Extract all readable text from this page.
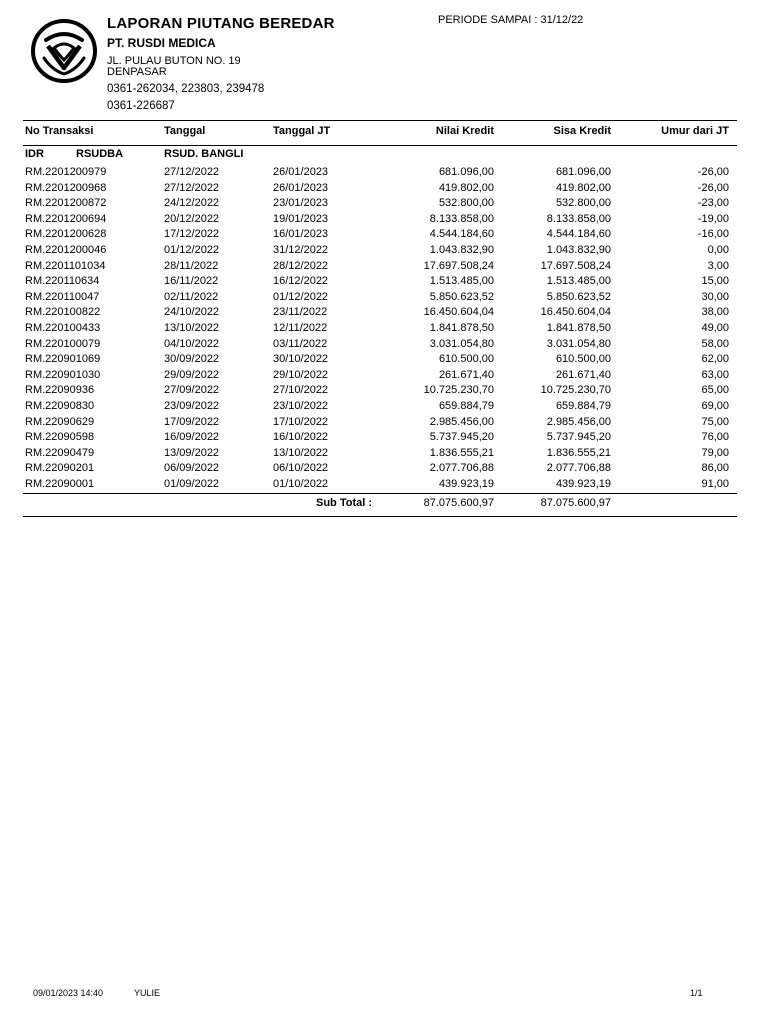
LAPORAN PIUTANG BEREDAR	PERIODE SAMPAI : 31/12/22
PT. RUSDI MEDICA
JL. PULAU BUTON NO. 19
DENPASAR
0361-262034, 223803, 239478
0361-226687
No Transaksi	Tanggal	Tanggal JT	Nilai Kredit	Sisa Kredit	Umur dari JT
IDR	RSUDBA	RSUD. BANGLI
RM.2201200979	27/12/2022	26/01/2023	681.096,00	681.096,00	-26,00
RM.2201200968	27/12/2022	26/01/2023	419.802,00	419.802,00	-26,00
RM.2201200872	24/12/2022	23/01/2023	532.800,00	532.800,00	-23,00
RM.2201200694	20/12/2022	19/01/2023	8.133.858,00	8.133.858,00	-19,00
RM.2201200628	17/12/2022	16/01/2023	4.544.184,60	4.544.184,60	-16,00
RM.2201200046	01/12/2022	31/12/2022	1.043.832,90	1.043.832,90	0,00
RM.2201101034	28/11/2022	28/12/2022	17.697.508,24	17.697.508,24	3,00
RM.220110634	16/11/2022	16/12/2022	1.513.485,00	1.513.485,00	15,00
RM.220110047	02/11/2022	01/12/2022	5.850.623,52	5.850.623,52	30,00
RM.220100822	24/10/2022	23/11/2022	16.450.604,04	16.450.604,04	38,00
RM.220100433	13/10/2022	12/11/2022	1.841.878,50	1.841.878,50	49,00
RM.220100079	04/10/2022	03/11/2022	3.031.054,80	3.031.054,80	58,00
RM.220901069	30/09/2022	30/10/2022	610.500,00	610.500,00	62,00
RM.220901030	29/09/2022	29/10/2022	261.671,40	261.671,40	63,00
RM.22090936	27/09/2022	27/10/2022	10.725.230,70	10.725.230,70	65,00
RM.22090830	23/09/2022	23/10/2022	659.884,79	659.884,79	69,00
RM.22090629	17/09/2022	17/10/2022	2.985.456,00	2.985.456,00	75,00
RM.22090598	16/09/2022	16/10/2022	5.737.945,20	5.737.945,20	76,00
RM.22090479	13/09/2022	13/10/2022	1.836.555,21	1.836.555,21	79,00
RM.22090201	06/09/2022	06/10/2022	2.077.706,88	2.077.706,88	86,00
RM.22090001	01/09/2022	01/10/2022	439.923,19	439.923,19	91,00
Sub Total :	87.075.600,97	87.075.600,97
09/01/2023 14:40	YULIE	1/1
